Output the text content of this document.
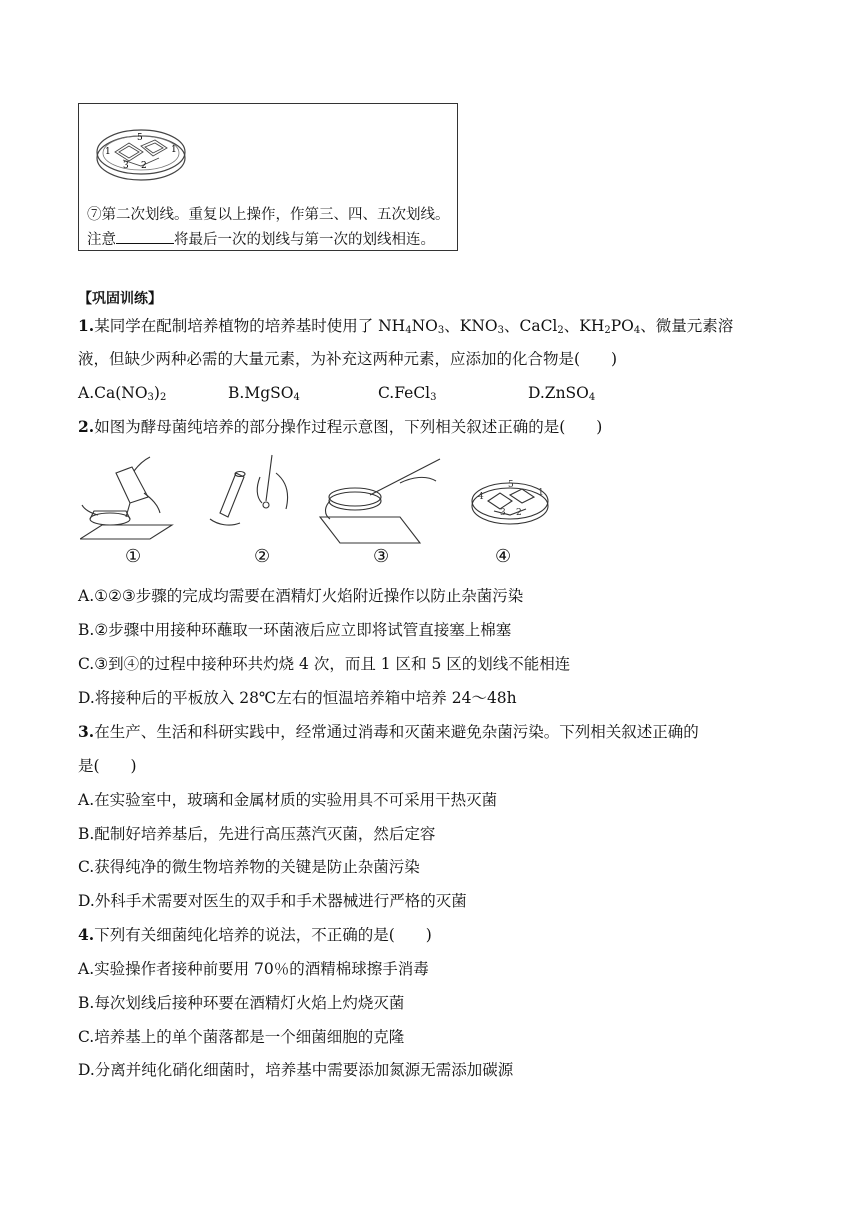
1
5
1
3 2
⑦第二次划线。重复以上操作，作第三、四、五次划线。
注意	将最后一次的划线与第一次的划线相连。
【巩固训练】
1.某同学在配制培养植物的培养基时使用了 $NH_4NO_3$、$KNO_3$、CaCl$_2$、$KH_2PO_4$、微量元素溶
液，但缺少两种必需的大量元素，为补充这两种元素，应添加的化合物是(　　)
$A.Ca(NO_3)_2$	B.MgSO$_4$	C.FeCl$_3$	D.ZnSO$_4$
2.如图为酵母菌纯培养的部分操作过程示意图，下列相关叙述正确的是(　　)
4
5
1
3 2
①	②	③	④
A.①②③步骤的完成均需要在酒精灯火焰附近操作以防止杂菌污染
B.②步骤中用接种环蘸取一环菌液后应立即将试管直接塞上棉塞
C.③到④的过程中接种环共灼烧 4 次，而且 1 区和 5 区的划线不能相连
D.将接种后的平板放入 28℃左右的恒温培养箱中培养 24～48h
3.在生产、生活和科研实践中，经常通过消毒和灭菌来避免杂菌污染。下列相关叙述正确的
是(　　)
A.在实验室中，玻璃和金属材质的实验用具不可采用干热灭菌
B.配制好培养基后，先进行高压蒸汽灭菌，然后定容
C.获得纯净的微生物培养物的关键是防止杂菌污染
D.外科手术需要对医生的双手和手术器械进行严格的灭菌
4.下列有关细菌纯化培养的说法，不正确的是(　　)
A.实验操作者接种前要用 70％的酒精棉球擦手消毒
B.每次划线后接种环要在酒精灯火焰上灼烧灭菌
C.培养基上的单个菌落都是一个细菌细胞的克隆
D.分离并纯化硝化细菌时，培养基中需要添加氮源无需添加碳源
